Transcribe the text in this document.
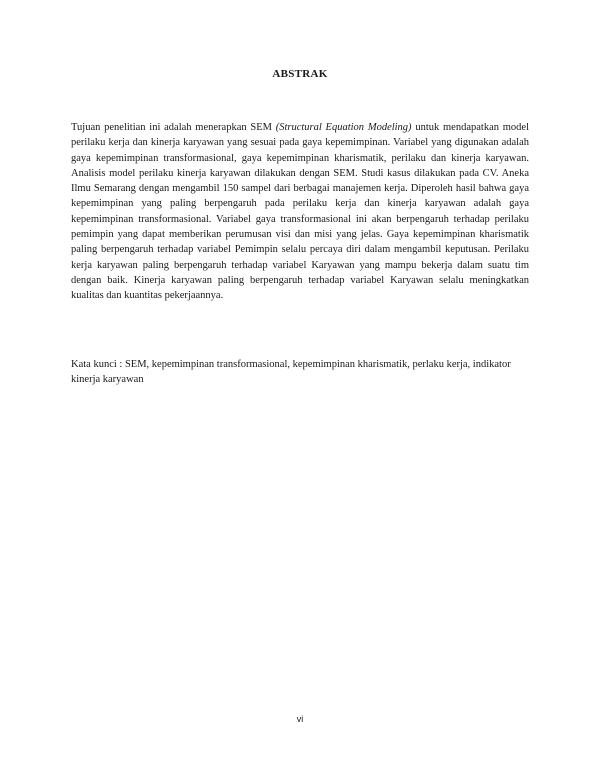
ABSTRAK

Tujuan penelitian ini adalah menerapkan SEM (Structural Equation Modeling) untuk mendapatkan model perilaku kerja dan kinerja karyawan yang sesuai pada gaya kepemimpinan. Variabel yang digunakan adalah gaya kepemimpinan transformasional, gaya kepemimpinan kharismatik, perilaku dan kinerja karyawan. Analisis model perilaku kinerja karyawan dilakukan dengan SEM. Studi kasus dilakukan pada CV. Aneka Ilmu Semarang dengan mengambil 150 sampel dari berbagai manajemen kerja. Diperoleh hasil bahwa gaya kepemimpinan yang paling berpengaruh pada perilaku kerja dan kinerja karyawan adalah gaya kepemimpinan transformasional. Variabel gaya transformasional ini akan berpengaruh terhadap perilaku pemimpin yang dapat memberikan perumusan visi dan misi yang jelas. Gaya kepemimpinan kharismatik paling berpengaruh terhadap variabel Pemimpin selalu percaya diri dalam mengambil keputusan. Perilaku kerja karyawan paling berpengaruh terhadap variabel Karyawan yang mampu bekerja dalam suatu tim dengan baik. Kinerja karyawan paling berpengaruh terhadap variabel Karyawan selalu meningkatkan kualitas dan kuantitas pekerjaannya.

Kata kunci : SEM, kepemimpinan transformasional, kepemimpinan kharismatik, perlaku kerja, indikator kinerja karyawan

vi
